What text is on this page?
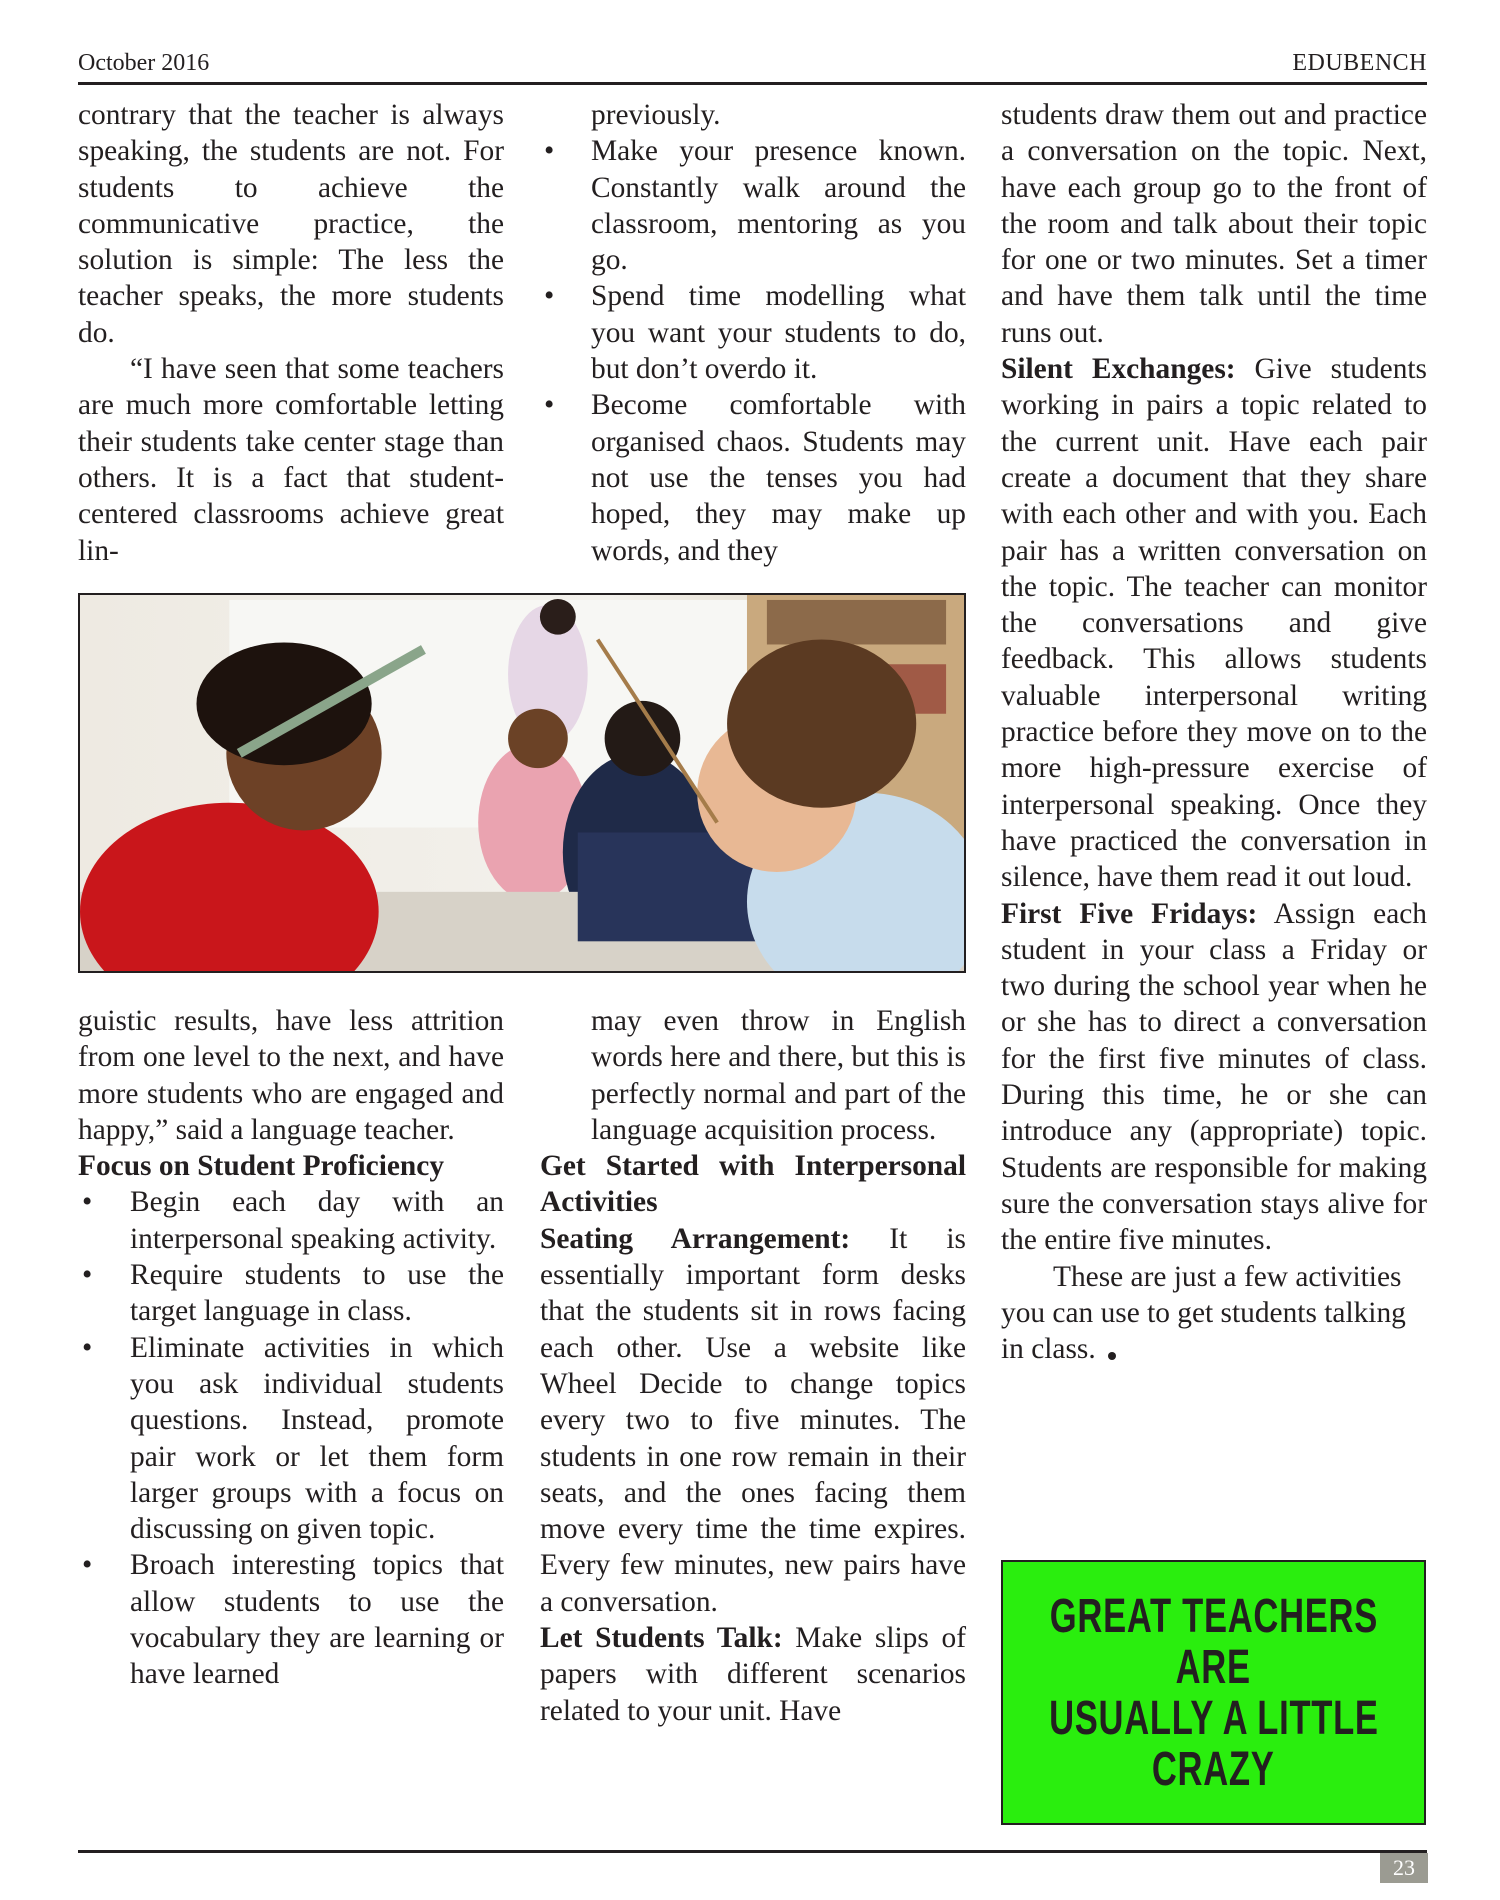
October 2016	EDUBENCH

contrary that the teacher is always speaking, the students are not. For students to achieve the communicative practice, the solution is simple: The less the teacher speaks, the more students do.

“I have seen that some teachers are much more comfortable letting their students take center stage than others. It is a fact that student-centered classrooms achieve great lin-

previously.

• Make your presence known. Constantly walk around the classroom, mentoring as you go.
• Spend time modelling what you want your students to do, but don’t overdo it.
• Become comfortable with organised chaos. Students may not use the tenses you had hoped, they may make up words, and they

guistic results, have less attrition from one level to the next, and have more students who are engaged and happy,” said a language teacher.

Focus on Student Proficiency

• Begin each day with an interpersonal speaking activity.
• Require students to use the target language in class.
• Eliminate activities in which you ask individual students questions. Instead, promote pair work or let them form larger groups with a focus on discussing on given topic.
• Broach interesting topics that allow students to use the vocabulary they are learning or have learned

may even throw in English words here and there, but this is perfectly normal and part of the language acquisition process.

Get Started with Interpersonal Activities

Seating Arrangement: It is essentially important form desks that the students sit in rows facing each other. Use a website like Wheel Decide to change topics every two to five minutes. The students in one row remain in their seats, and the ones facing them move every time the time expires. Every few minutes, new pairs have a conversation.

Let Students Talk: Make slips of papers with different scenarios related to your unit. Have

students draw them out and practice a conversation on the topic. Next, have each group go to the front of the room and talk about their topic for one or two minutes. Set a timer and have them talk until the time runs out.

Silent Exchanges: Give students working in pairs a topic related to the current unit. Have each pair create a document that they share with each other and with you. Each pair has a written conversation on the topic. The teacher can monitor the conversations and give feedback. This allows students valuable interpersonal writing practice before they move on to the more high-pressure exercise of interpersonal speaking. Once they have practiced the conversation in silence, have them read it out loud.

First Five Fridays: Assign each student in your class a Friday or two during the school year when he or she has to direct a conversation for the first five minutes of class. During this time, he or she can introduce any (appropriate) topic. Students are responsible for making sure the conversation stays alive for the entire five minutes.

These are just a few activities you can use to get students talking in class.

GREAT TEACHERS
ARE
USUALLY A LITTLE
CRAZY
23
